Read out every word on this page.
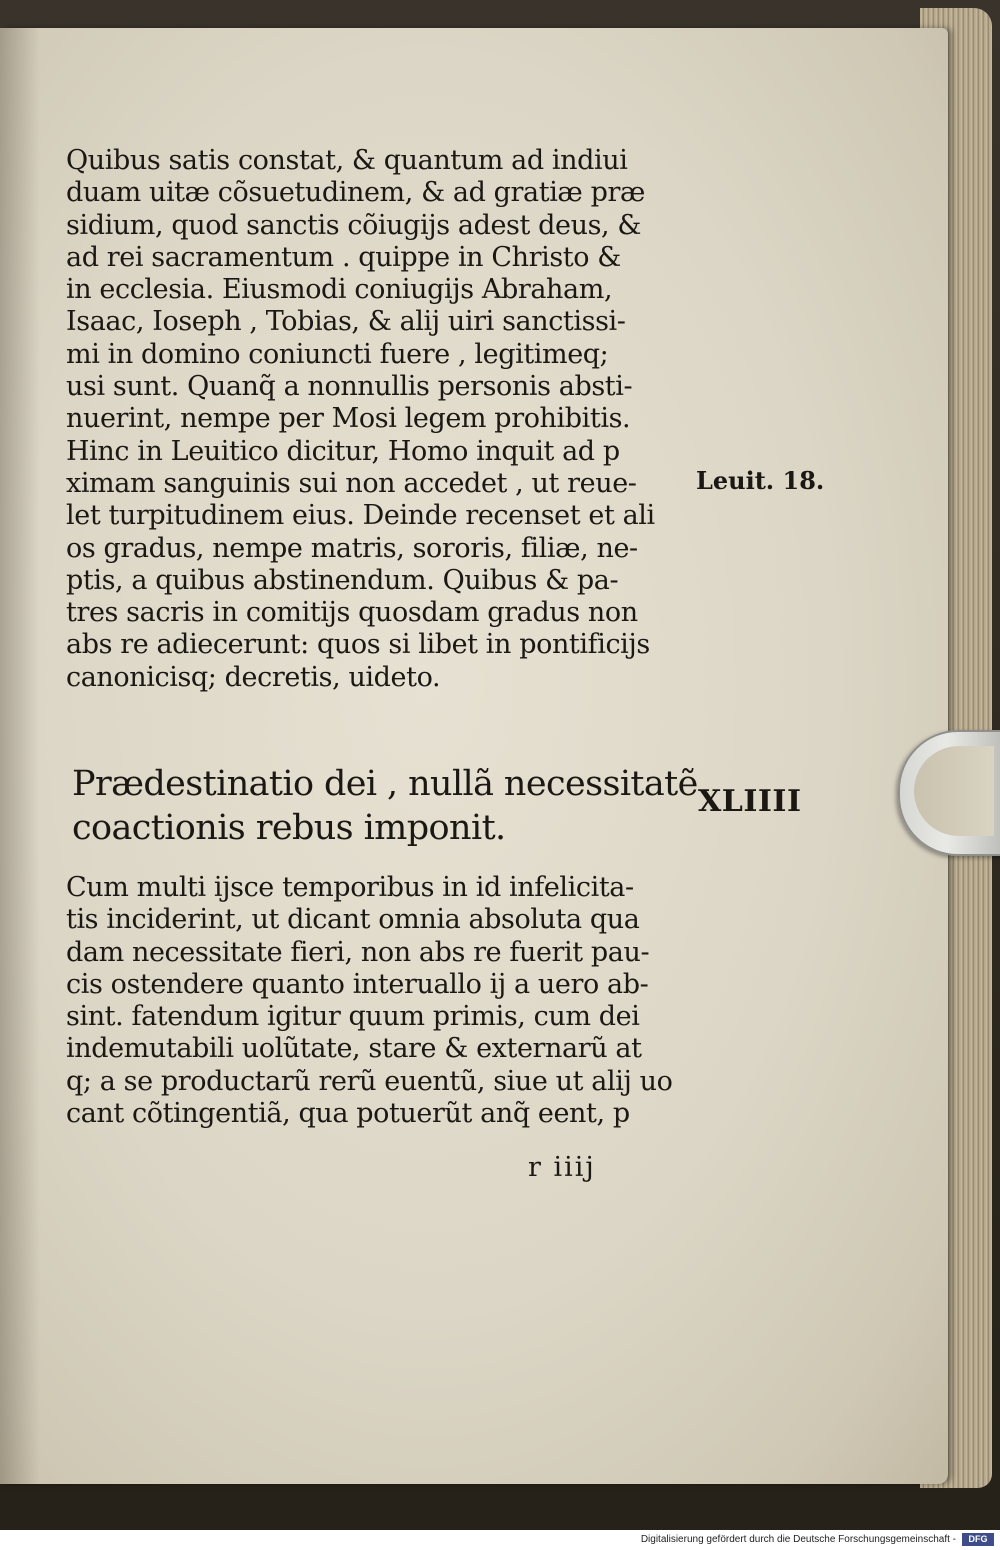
Quibus satis constat, & quantum ad indiui
duam uitæ cõsuetudinem, & ad gratiæ præ
sidium, quod sanctis cõiugijs adest deus, &
ad rei sacramentum . quippe in Christo &
in ecclesia. Eiusmodi coniugijs Abraham,
Isaac, Ioseph , Tobias, & alij uiri sanctissi-
mi in domino coniuncti fuere , legitimeq;
usi sunt. Quanq̃ a nonnullis personis absti-
nuerint, nempe per Mosi legem prohibitis.
Hinc in Leuitico dicitur, Homo inquit ad p
ximam sanguinis sui non accedet , ut reue-
let turpitudinem eius. Deinde recenset et ali
os gradus, nempe matris, sororis, filiæ, ne-
ptis, a quibus abstinendum. Quibus & pa-
tres sacris in comitijs quosdam gradus non
abs re adiecerunt: quos si libet in pontificijs
canonicisq; decretis, uideto.
Leuit. 18.
Prædestinatio dei , nullã necessitatẽ
coactionis rebus imponit.
XLIIII
Cum multi ijsce temporibus in id infelicita-
tis inciderint, ut dicant omnia absoluta qua
dam necessitate fieri, non abs re fuerit pau-
cis ostendere quanto interuallo ij a uero ab-
sint. fatendum igitur quum primis, cum dei
indemutabili uolũtate, stare & externarũ at
q; a se productarũ rerũ euentũ, siue ut alij uo
cant cõtingentiã, qua potuerũt anq̃ eent, p
r iiij
Digitalisierung gefördert durch die Deutsche Forschungsgemeinschaft -	DFG
